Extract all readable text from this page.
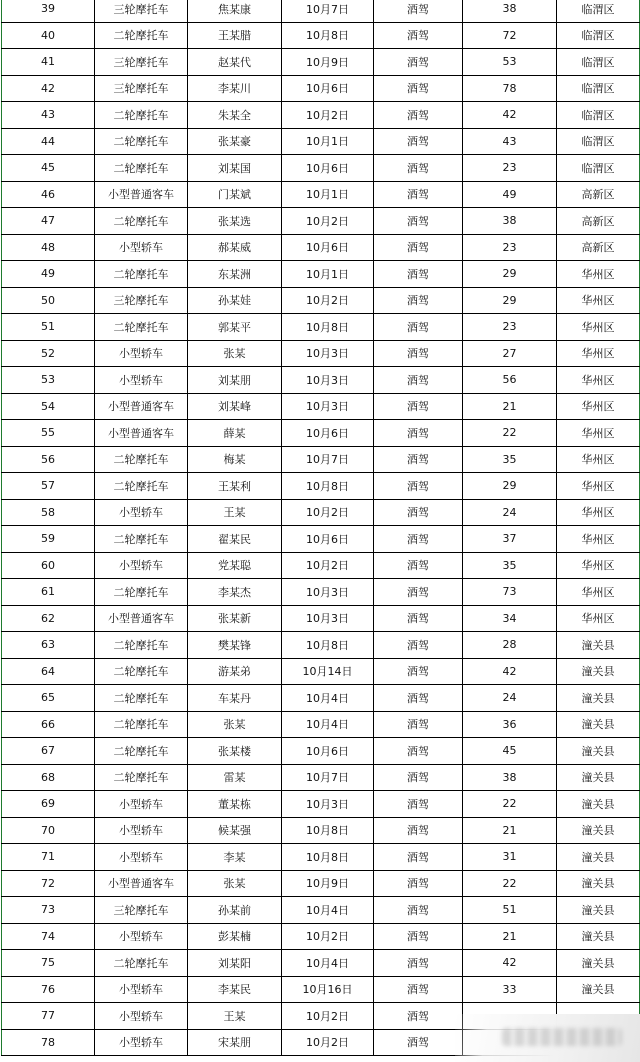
39	三轮摩托车	焦某康	10月7日	酒驾	38	临渭区
40	二轮摩托车	王某腊	10月8日	酒驾	72	临渭区
41	三轮摩托车	赵某代	10月9日	酒驾	53	临渭区
42	三轮摩托车	李某川	10月6日	酒驾	78	临渭区
43	二轮摩托车	朱某全	10月2日	酒驾	42	临渭区
44	二轮摩托车	张某豪	10月1日	酒驾	43	临渭区
45	二轮摩托车	刘某国	10月6日	酒驾	23	临渭区
46	小型普通客车	门某斌	10月1日	酒驾	49	高新区
47	二轮摩托车	张某选	10月2日	酒驾	38	高新区
48	小型轿车	郝某威	10月6日	酒驾	23	高新区
49	二轮摩托车	东某洲	10月1日	酒驾	29	华州区
50	三轮摩托车	孙某娃	10月2日	酒驾	29	华州区
51	二轮摩托车	郭某平	10月8日	酒驾	23	华州区
52	小型轿车	张某	10月3日	酒驾	27	华州区
53	小型轿车	刘某朋	10月3日	酒驾	56	华州区
54	小型普通客车	刘某峰	10月3日	酒驾	21	华州区
55	小型普通客车	薛某	10月6日	酒驾	22	华州区
56	二轮摩托车	梅某	10月7日	酒驾	35	华州区
57	二轮摩托车	王某利	10月8日	酒驾	29	华州区
58	小型轿车	王某	10月2日	酒驾	24	华州区
59	二轮摩托车	翟某民	10月6日	酒驾	37	华州区
60	小型轿车	党某聪	10月2日	酒驾	35	华州区
61	二轮摩托车	李某杰	10月3日	酒驾	73	华州区
62	小型普通客车	张某新	10月3日	酒驾	34	华州区
63	二轮摩托车	樊某锋	10月8日	酒驾	28	潼关县
64	二轮摩托车	游某弟	10月14日	酒驾	42	潼关县
65	二轮摩托车	车某丹	10月4日	酒驾	24	潼关县
66	二轮摩托车	张某	10月4日	酒驾	36	潼关县
67	二轮摩托车	张某楼	10月6日	酒驾	45	潼关县
68	二轮摩托车	雷某	10月7日	酒驾	38	潼关县
69	小型轿车	董某栋	10月3日	酒驾	22	潼关县
70	小型轿车	候某强	10月8日	酒驾	21	潼关县
71	小型轿车	李某	10月8日	酒驾	31	潼关县
72	小型普通客车	张某	10月9日	酒驾	22	潼关县
73	三轮摩托车	孙某前	10月4日	酒驾	51	潼关县
74	小型轿车	彭某楠	10月2日	酒驾	21	潼关县
75	二轮摩托车	刘某阳	10月4日	酒驾	42	潼关县
76	小型轿车	李某民	10月16日	酒驾	33	潼关县
77	小型轿车	王某	10月2日	酒驾		
78	小型轿车	宋某朋	10月2日	酒驾		
